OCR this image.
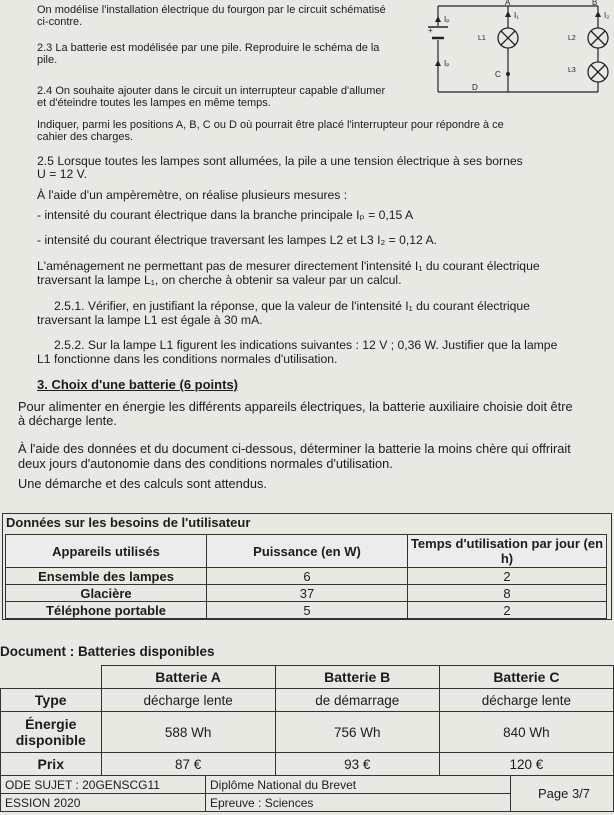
A	B
I₁	I₂
Iₚ
Iₚ
L1	L2
L3
C
D
+
On modélise l'installation électrique du fourgon par le circuit schématisé
ci-contre.
2.3 La batterie est modélisée par une pile. Reproduire le schéma de la
pile.
2.4 On souhaite ajouter dans le circuit un interrupteur capable d'allumer
et d'éteindre toutes les lampes en même temps.
Indiquer, parmi les positions A, B, C ou D où pourrait être placé l'interrupteur pour répondre à ce
cahier des charges.
2.5 Lorsque toutes les lampes sont allumées, la pile a une tension électrique à ses bornes
U = 12 V.
À l'aide d'un ampèremètre, on réalise plusieurs mesures :
- intensité du courant électrique dans la branche principale Iₚ = 0,15 A
- intensité du courant électrique traversant les lampes L2 et L3 I₂ = 0,12 A.
L'aménagement ne permettant pas de mesurer directement l'intensité I₁ du courant électrique
traversant la lampe L₁, on cherche à obtenir sa valeur par un calcul.
2.5.1. Vérifier, en justifiant la réponse, que la valeur de l'intensité I₁ du courant électrique
traversant la lampe L1 est égale à 30 mA.
2.5.2. Sur la lampe L1 figurent les indications suivantes : 12 V ; 0,36 W. Justifier que la lampe
L1 fonctionne dans les conditions normales d'utilisation.
3. Choix d'une batterie (6 points)
Pour alimenter en énergie les différents appareils électriques, la batterie auxiliaire choisie doit être
à décharge lente.
À l'aide des données et du document ci-dessous, déterminer la batterie la moins chère qui offrirait
deux jours d'autonomie dans des conditions normales d'utilisation.
Une démarche et des calculs sont attendus.
Données sur les besoins de l'utilisateur
Appareils utilisés	Puissance (en W)	Temps d'utilisation par jour (en h)
Ensemble des lampes	6	2
Glacière	37	8
Téléphone portable	5	2
Document : Batteries disponibles
	Batterie A	Batterie B	Batterie C
Type	décharge lente	de démarrage	décharge lente
Énergie disponible	588 Wh	756 Wh	840 Wh
Prix	87 €	93 €	120 €
ODE SUJET : 20GENSCG11	Diplôme National du Brevet	Page 3/7
ESSION 2020	Epreuve : Sciences	
